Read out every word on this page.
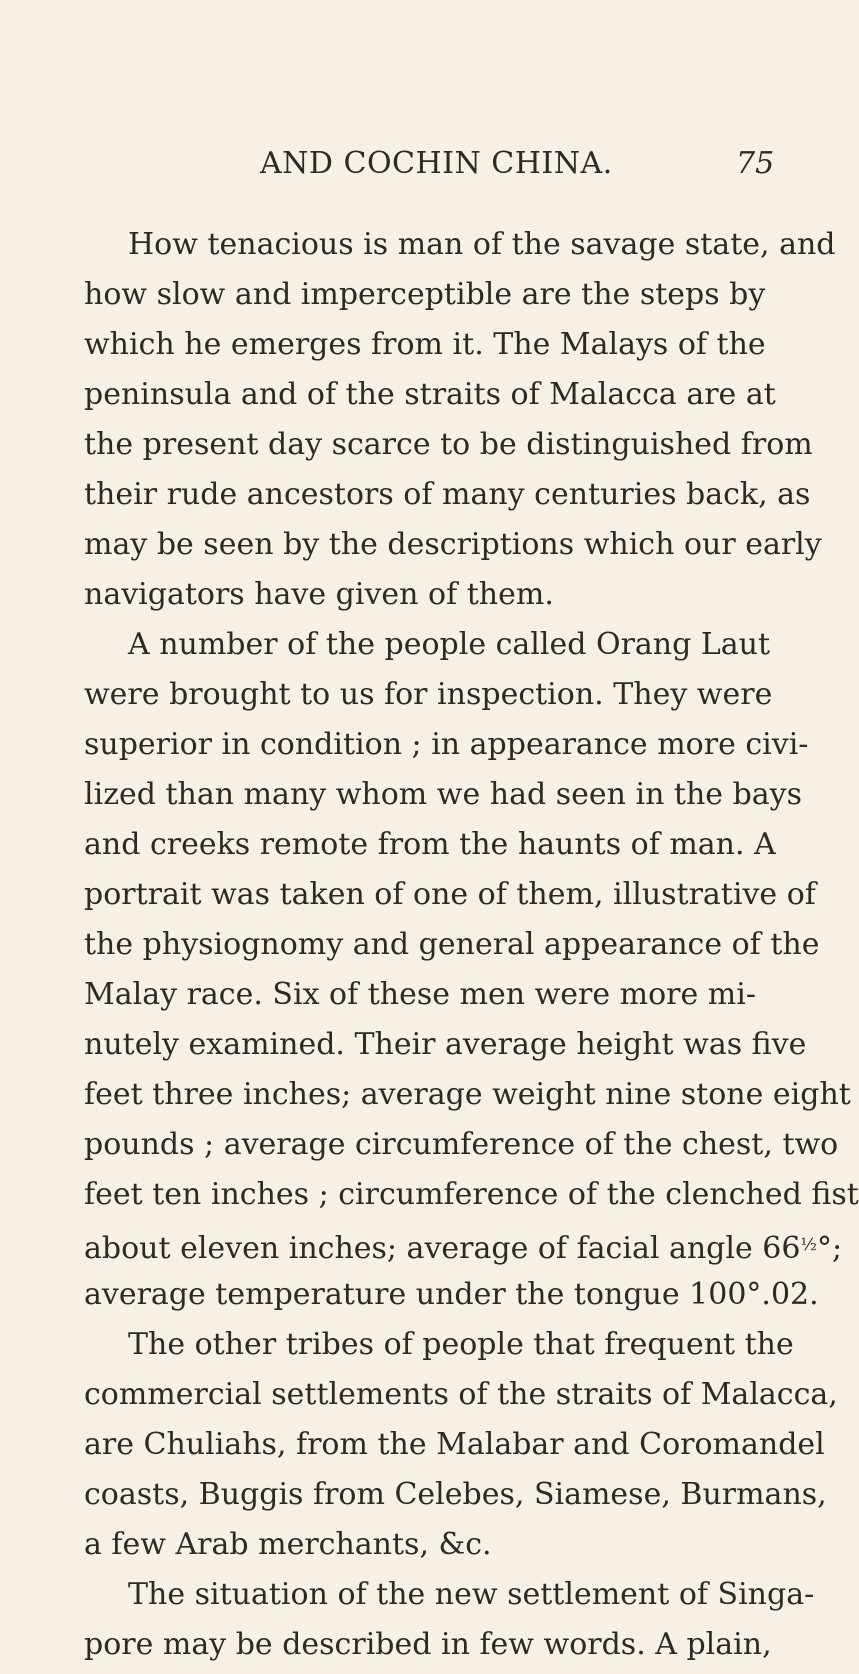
AND COCHIN CHINA.	75
How tenacious is man of the savage state, and
how slow and imperceptible are the steps by
which he emerges from it. The Malays of the
peninsula and of the straits of Malacca are at
the present day scarce to be distinguished from
their rude ancestors of many centuries back, as
may be seen by the descriptions which our early
navigators have given of them.
A number of the people called Orang Laut
were brought to us for inspection. They were
superior in condition ; in appearance more civi-
lized than many whom we had seen in the bays
and creeks remote from the haunts of man. A
portrait was taken of one of them, illustrative of
the physiognomy and general appearance of the
Malay race. Six of these men were more mi-
nutely examined. Their average height was five
feet three inches; average weight nine stone eight
pounds ; average circumference of the chest, two
feet ten inches ; circumference of the clenched fist
about eleven inches; average of facial angle $66^{\frac{1}{2}}^\circ$;
average temperature under the tongue 100°.02.
The other tribes of people that frequent the
commercial settlements of the straits of Malacca,
are Chuliahs, from the Malabar and Coromandel
coasts, Buggis from Celebes, Siamese, Burmans,
a few Arab merchants, &c.
The situation of the new settlement of Singa-
pore may be described in few words. A plain,
